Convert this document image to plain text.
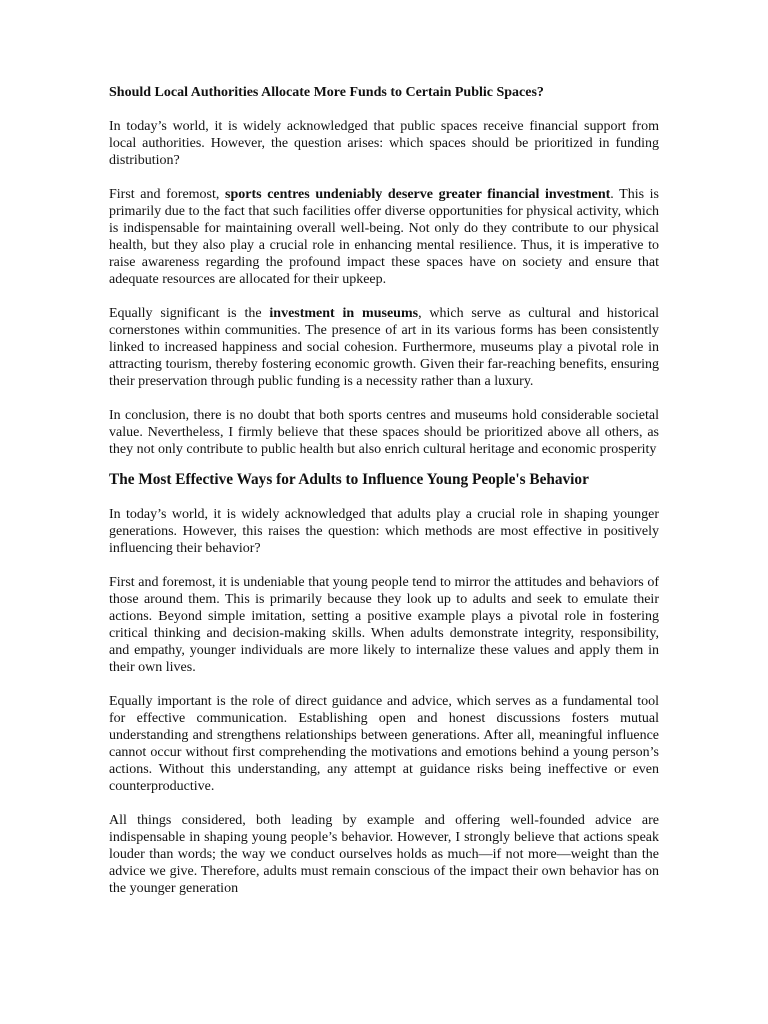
Should Local Authorities Allocate More Funds to Certain Public Spaces?

In today’s world, it is widely acknowledged that public spaces receive financial support from local authorities. However, the question arises: which spaces should be prioritized in funding distribution?

First and foremost, sports centres undeniably deserve greater financial investment. This is primarily due to the fact that such facilities offer diverse opportunities for physical activity, which is indispensable for maintaining overall well-being. Not only do they contribute to our physical health, but they also play a crucial role in enhancing mental resilience. Thus, it is imperative to raise awareness regarding the profound impact these spaces have on society and ensure that adequate resources are allocated for their upkeep.

Equally significant is the investment in museums, which serve as cultural and historical cornerstones within communities. The presence of art in its various forms has been consistently linked to increased happiness and social cohesion. Furthermore, museums play a pivotal role in attracting tourism, thereby fostering economic growth. Given their far-reaching benefits, ensuring their preservation through public funding is a necessity rather than a luxury.

In conclusion, there is no doubt that both sports centres and museums hold considerable societal value. Nevertheless, I firmly believe that these spaces should be prioritized above all others, as they not only contribute to public health but also enrich cultural heritage and economic prosperity

The Most Effective Ways for Adults to Influence Young People's Behavior

In today’s world, it is widely acknowledged that adults play a crucial role in shaping younger generations. However, this raises the question: which methods are most effective in positively influencing their behavior?

First and foremost, it is undeniable that young people tend to mirror the attitudes and behaviors of those around them. This is primarily because they look up to adults and seek to emulate their actions. Beyond simple imitation, setting a positive example plays a pivotal role in fostering critical thinking and decision-making skills. When adults demonstrate integrity, responsibility, and empathy, younger individuals are more likely to internalize these values and apply them in their own lives.

Equally important is the role of direct guidance and advice, which serves as a fundamental tool for effective communication. Establishing open and honest discussions fosters mutual understanding and strengthens relationships between generations. After all, meaningful influence cannot occur without first comprehending the motivations and emotions behind a young person’s actions. Without this understanding, any attempt at guidance risks being ineffective or even counterproductive.

All things considered, both leading by example and offering well-founded advice are indispensable in shaping young people’s behavior. However, I strongly believe that actions speak louder than words; the way we conduct ourselves holds as much—if not more—weight than the advice we give. Therefore, adults must remain conscious of the impact their own behavior has on the younger generation
